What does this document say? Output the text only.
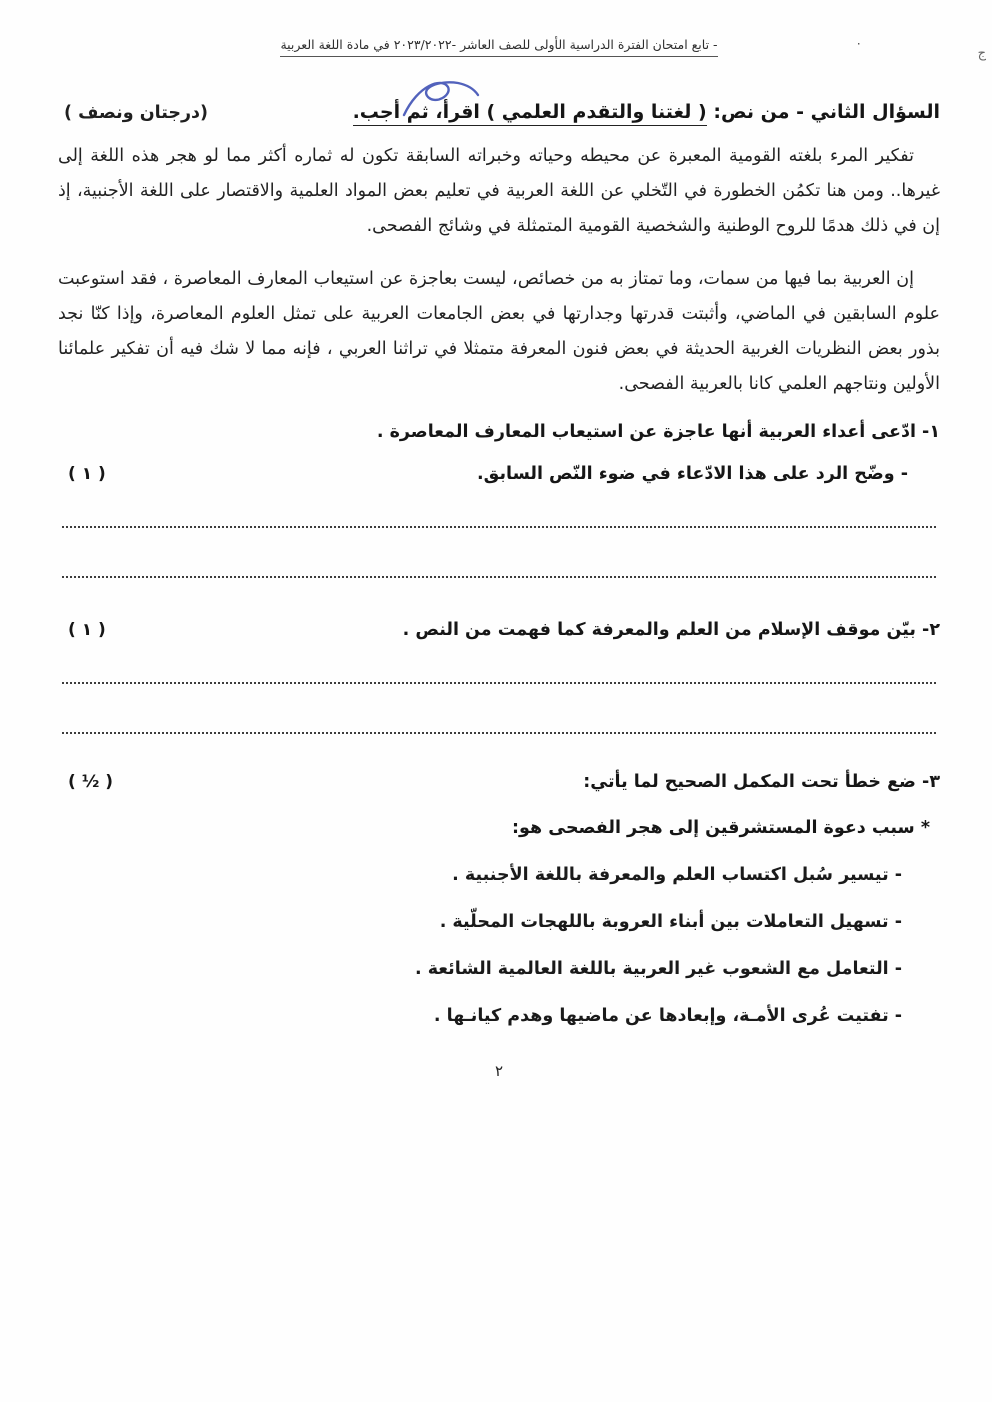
ج
- تابع امتحان الفترة الدراسية الأولى للصف العاشر -٢٠٢٣/٢٠٢٢ في مادة اللغة العربية	٠
السؤال الثاني - من نص: ( لغتنا والتقدم العلمي ) اقرأ، ثم أجب.
(درجتان ونصف )

تفكير المرء بلغته القومية المعبرة عن محيطه وحياته وخبراته السابقة تكون له ثماره أكثر مما لو هجر هذه اللغة إلى غيرها.. ومن هنا تكمُن الخطورة في التّخلي عن اللغة العربية في تعليم بعض المواد العلمية والاقتصار على اللغة الأجنبية، إذ إن في ذلك هدمًا للروح الوطنية والشخصية القومية المتمثلة في وشائج الفصحى.

إن العربية بما فيها من سمات، وما تمتاز به من خصائص، ليست بعاجزة عن استيعاب المعارف المعاصرة ، فقد استوعبت علوم السابقين في الماضي، وأثبتت قدرتها وجدارتها في بعض الجامعات العربية على تمثل العلوم المعاصرة، وإذا كنّا نجد بذور بعض النظريات الغربية الحديثة في بعض فنون المعرفة متمثلا في تراثنا العربي ، فإنه مما لا شك فيه أن تفكير علمائنا الأولين ونتاجهم العلمي كانا بالعربية الفصحى.

١- ادّعى أعداء العربية أنها عاجزة عن استيعاب المعارف المعاصرة .
- وضّح الرد على هذا الادّعاء في ضوء النّص السابق.
( ١ )
٢- بيّن موقف الإسلام من العلم والمعرفة كما فهمت من النص .
( ١ )
٣- ضع خطأ تحت المكمل الصحيح لما يأتي:
( ½ )
* سبب دعوة المستشرقين إلى هجر الفصحى هو:
- تيسير سُبل اكتساب العلم والمعرفة باللغة الأجنبية .
- تسهيل التعاملات بين أبناء العروبة باللهجات المحلّية .
- التعامل مع الشعوب غير العربية باللغة العالمية الشائعة .
- تفتيت عُرى الأمـة، وإبعادها عن ماضيها وهدم كيانـها .
٢
